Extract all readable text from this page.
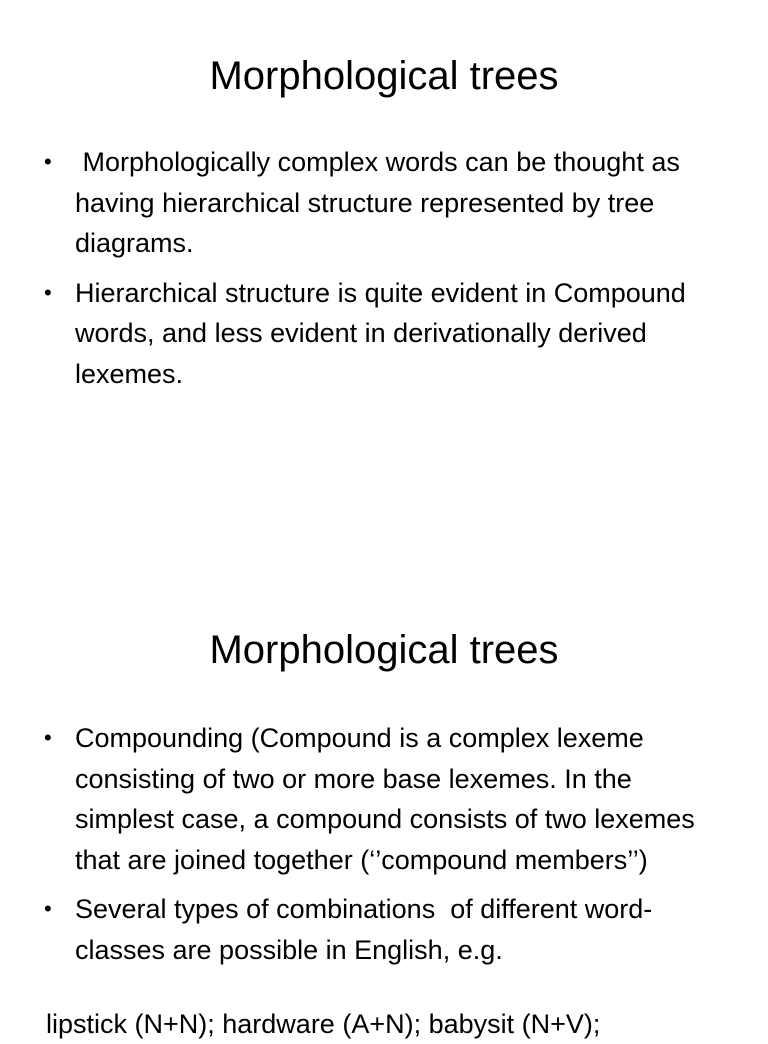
Morphological trees
• Morphologically complex words can be thought as having hierarchical structure represented by tree diagrams.
• Hierarchical structure is quite evident in Compound words, and less evident in derivationally derived lexemes.
Morphological trees
• Compounding (Compound is a complex lexeme consisting of two or more base lexemes. In the simplest case, a compound consists of two lexemes that are joined together (‘’compound members’’)
• Several types of combinations  of different word-classes are possible in English, e.g.
lipstick (N+N); hardware (A+N); babysit (N+V);
